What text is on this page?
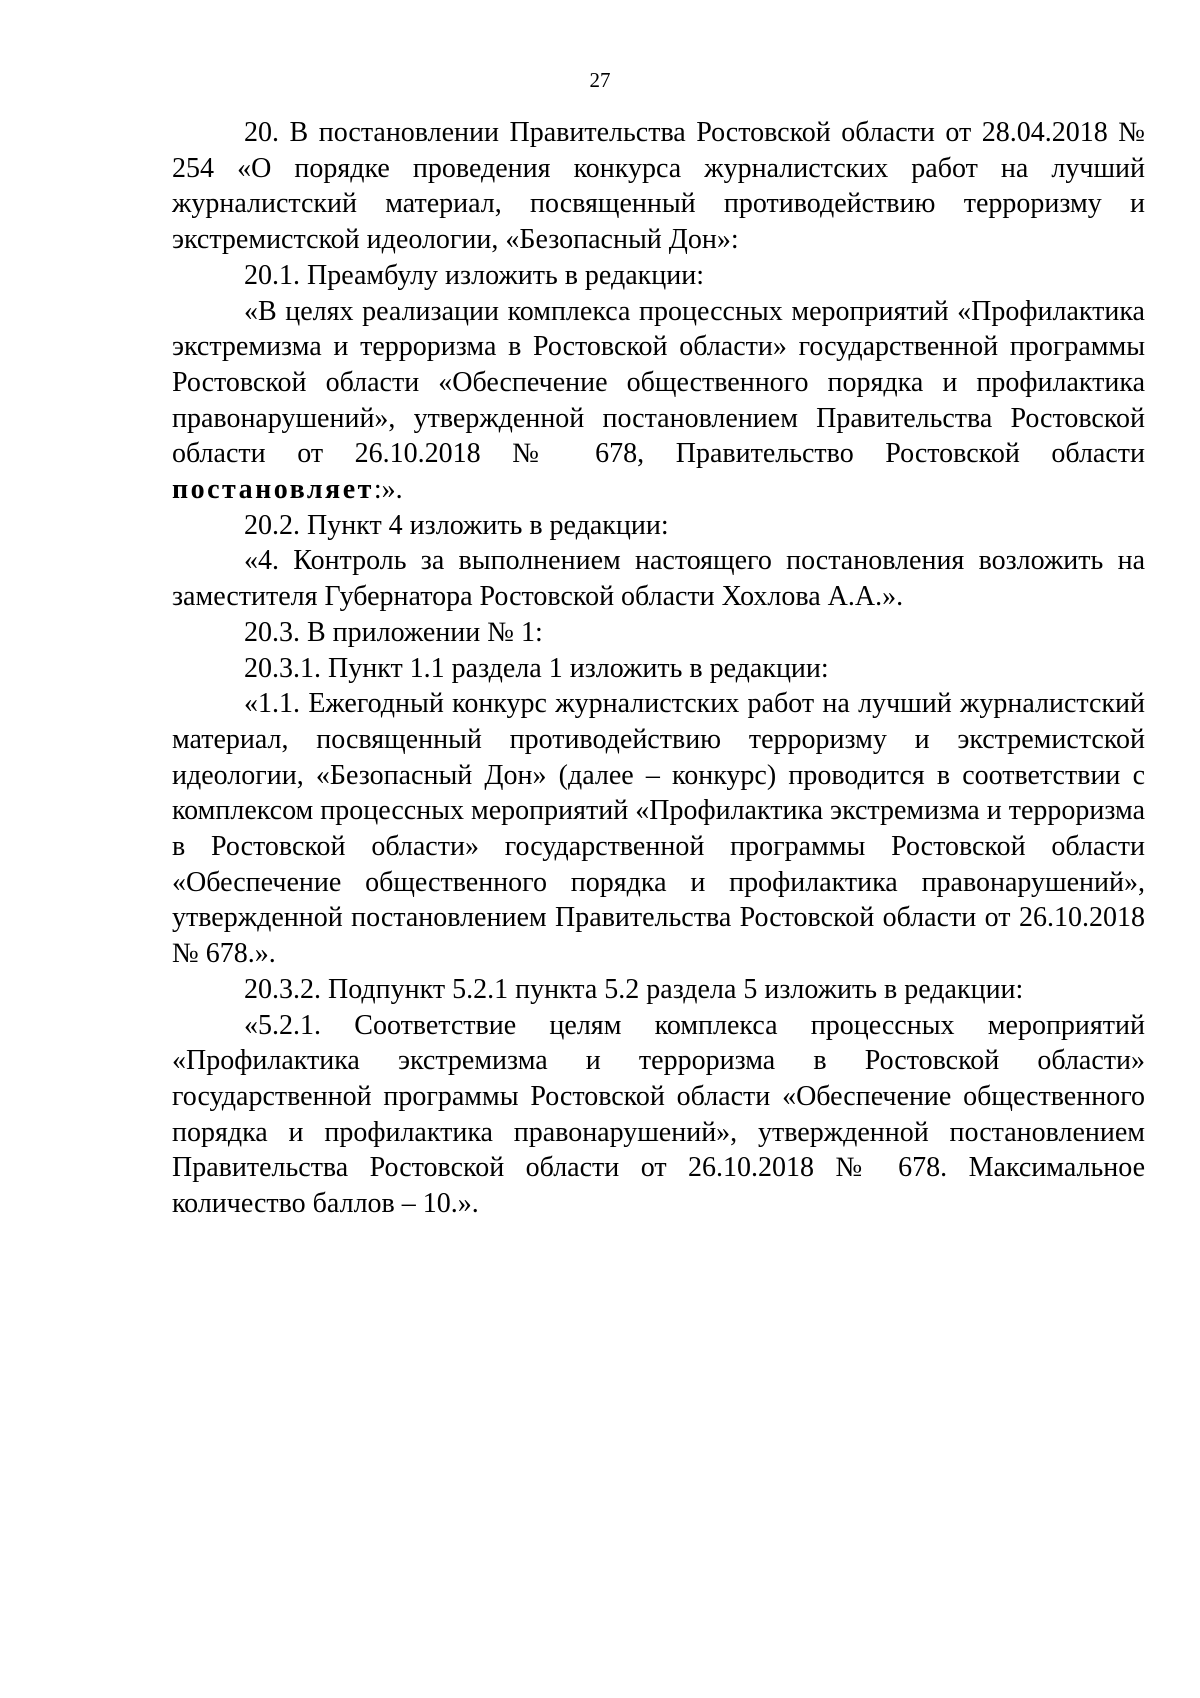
27

20. В постановлении Правительства Ростовской области от 28.04.2018 № 254 «О порядке проведения конкурса журналистских работ на лучший журналистский материал, посвященный противодействию терроризму и экстремистской идеологии, «Безопасный Дон»:

20.1. Преамбулу изложить в редакции:

«В целях реализации комплекса процессных мероприятий «Профилактика экстремизма и терроризма в Ростовской области» государственной программы Ростовской области «Обеспечение общественного порядка и профилактика правонарушений», утвержденной постановлением Правительства Ростовской области от 26.10.2018 № 678, Правительство Ростовской области постановляет:».

20.2. Пункт 4 изложить в редакции:

«4. Контроль за выполнением настоящего постановления возложить на заместителя Губернатора Ростовской области Хохлова А.А.».

20.3. В приложении № 1:

20.3.1. Пункт 1.1 раздела 1 изложить в редакции:

«1.1. Ежегодный конкурс журналистских работ на лучший журналистский материал, посвященный противодействию терроризму и экстремистской идеологии, «Безопасный Дон» (далее – конкурс) проводится в соответствии с комплексом процессных мероприятий «Профилактика экстремизма и терроризма в Ростовской области» государственной программы Ростовской области «Обеспечение общественного порядка и профилактика правонарушений», утвержденной постановлением Правительства Ростовской области от 26.10.2018 № 678.».

20.3.2. Подпункт 5.2.1 пункта 5.2 раздела 5 изложить в редакции:

«5.2.1. Соответствие целям комплекса процессных мероприятий «Профилактика экстремизма и терроризма в Ростовской области» государственной программы Ростовской области «Обеспечение общественного порядка и профилактика правонарушений», утвержденной постановлением Правительства Ростовской области от 26.10.2018 № 678. Максимальное количество баллов – 10.».
